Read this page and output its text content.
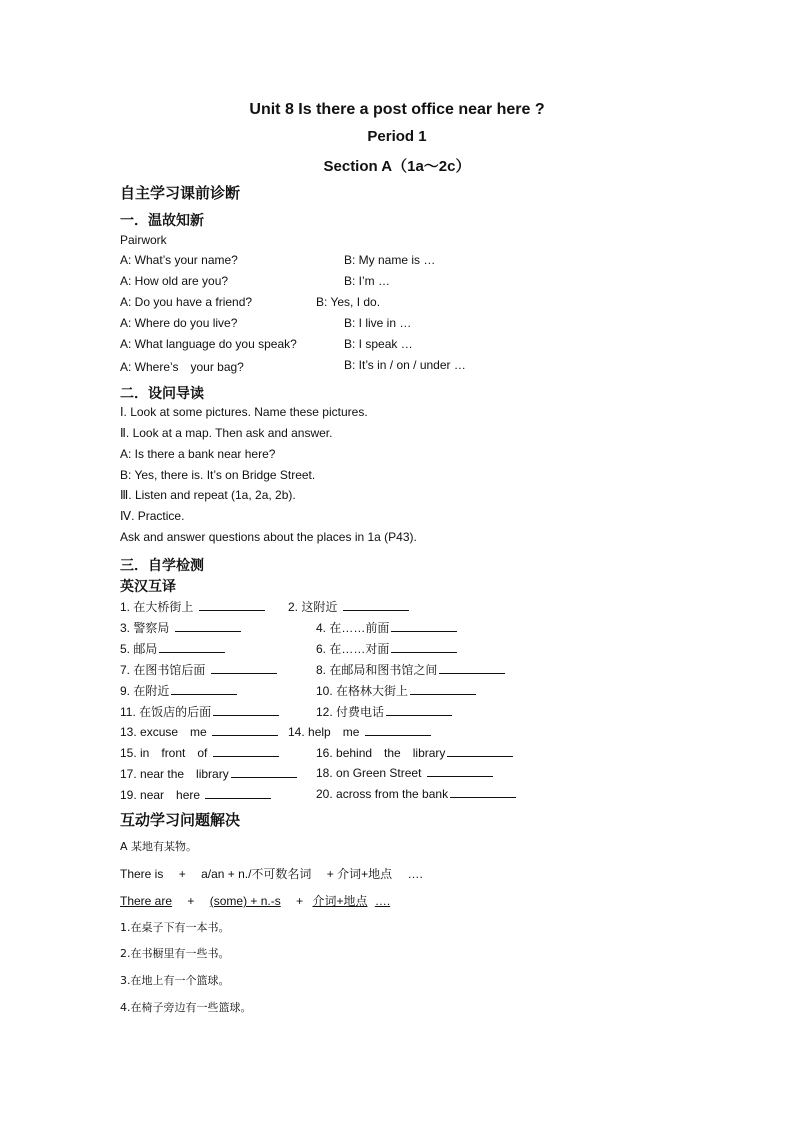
Unit 8 Is there a post office near here ?
Period 1
Section A（1a～2c）
自主学习课前诊断
一．温故知新
Pairwork
A: What’s your name?	B: My name is …
A: How old are you?	B: I’m …
A: Do you have a friend?	B: Yes, I do.
A: Where do you live?	B: I live in …
A: What language do you speak?	B: I speak …
A: Where’s　your bag?	B: It’s in / on / under …
二．设问导读
Ⅰ. Look at some pictures. Name these pictures.
Ⅱ. Look at a map. Then ask and answer.
A: Is there a bank near here?
B: Yes, there is. It’s on Bridge Street.
Ⅲ. Listen and repeat (1a, 2a, 2b).
Ⅳ. Practice.
Ask and answer questions about the places in 1a (P43).
三．自学检测
英汉互译
1. 在大桥街上	2. 这附近
3. 警察局	4. 在……前面
5. 邮局	6. 在……对面
7. 在图书馆后面	8. 在邮局和图书馆之间
9. 在附近	10. 在格林大街上
11. 在饭店的后面	12. 付费电话
13. excuse　me	14. help　me
15. in　front　of	16. behind　the　library
17. near the　library	18. on Green Street
19. near　here	20. across from the bank
互动学习问题解决
A 某地有某物。
There is + a/an + n./不可数名词 + 介词+地点 ….
There are + (some) + n.-s + 介词+地点 ….
1.在桌子下有一本书。
2.在书橱里有一些书。
3.在地上有一个篮球。
4.在椅子旁边有一些篮球。
